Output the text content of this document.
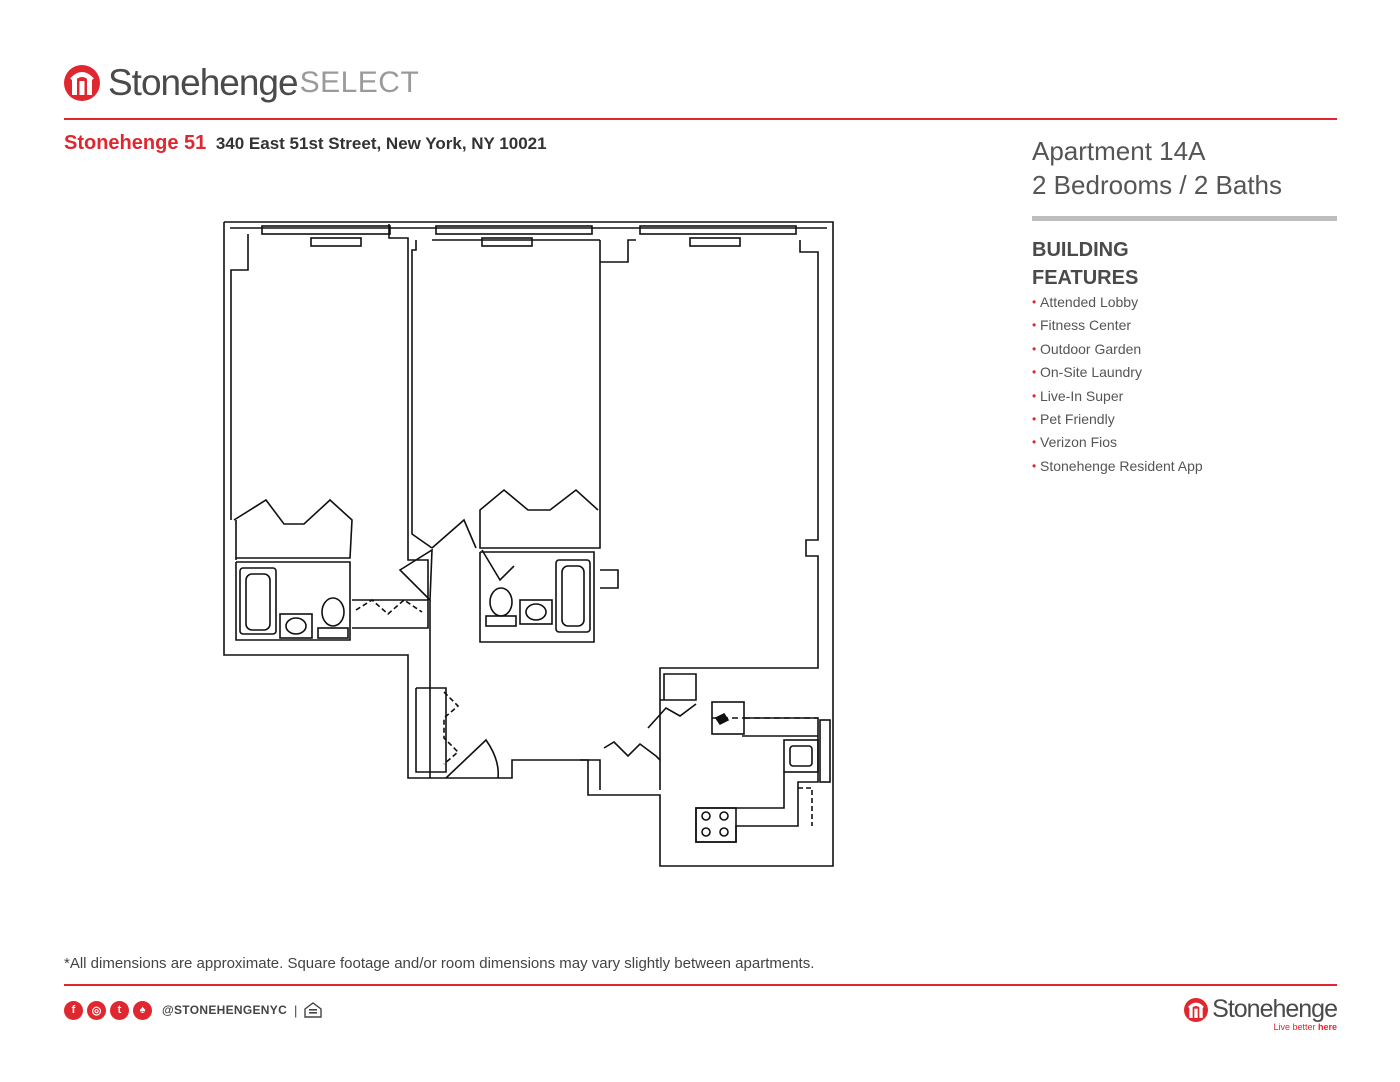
Stonehenge SELECT
Stonehenge 51 340 East 51st Street, New York, NY 10021	Apartment 14A
2 Bedrooms / 2 Baths
BUILDING FEATURES
• Attended Lobby
• Fitness Center
• Outdoor Garden
• On-Site Laundry
• Live-In Super
• Pet Friendly
• Verizon Fios
• Stonehenge Resident App
*All dimensions are approximate. Square footage and/or room dimensions may vary slightly between apartments.
f	◎	t	♠	@STONEHENGENYC |	Stonehenge
Live better here
